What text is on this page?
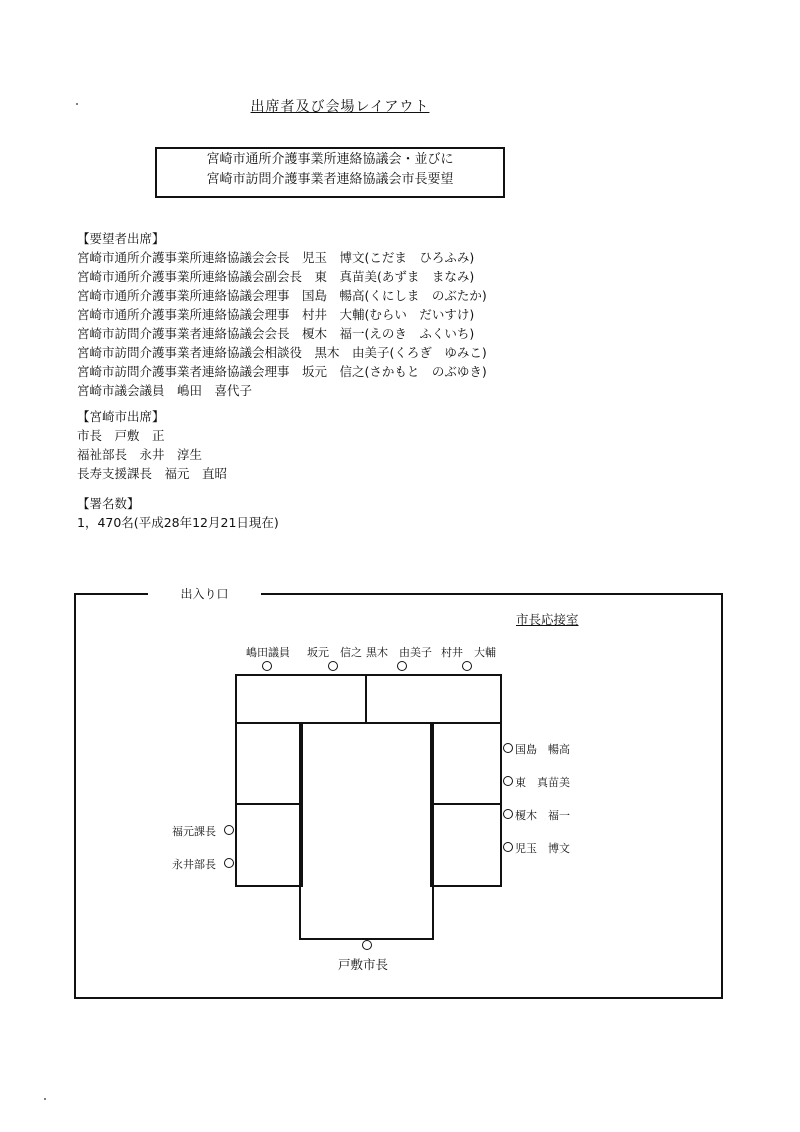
出席者及び会場レイアウト
宮崎市通所介護事業所連絡協議会・並びに
宮崎市訪問介護事業者連絡協議会市長要望
【要望者出席】
宮崎市通所介護事業所連絡協議会会長　児玉　博文(こだま　ひろふみ)
宮崎市通所介護事業所連絡協議会副会長　東　真苗美(あずま　まなみ)
宮崎市通所介護事業所連絡協議会理事　国島　暢高(くにしま　のぶたか)
宮崎市通所介護事業所連絡協議会理事　村井　大輔(むらい　だいすけ)
宮崎市訪問介護事業者連絡協議会会長　榎木　福一(えのき　ふくいち)
宮崎市訪問介護事業者連絡協議会相談役　黒木　由美子(くろぎ　ゆみこ)
宮崎市訪問介護事業者連絡協議会理事　坂元　信之(さかもと　のぶゆき)
宮崎市議会議員　嶋田　喜代子
【宮崎市出席】
市長　戸敷　正
福祉部長　永井　淳生
長寿支援課長　福元　直昭
【署名数】
1，470名(平成28年12月21日現在)
出入り口
市長応接室
嶋田議員 坂元　信之 黒木　由美子 村井　大輔
国島　暢高
東　真苗美
榎木　福一
児玉　博文
福元課長
永井部長
戸敷市長
